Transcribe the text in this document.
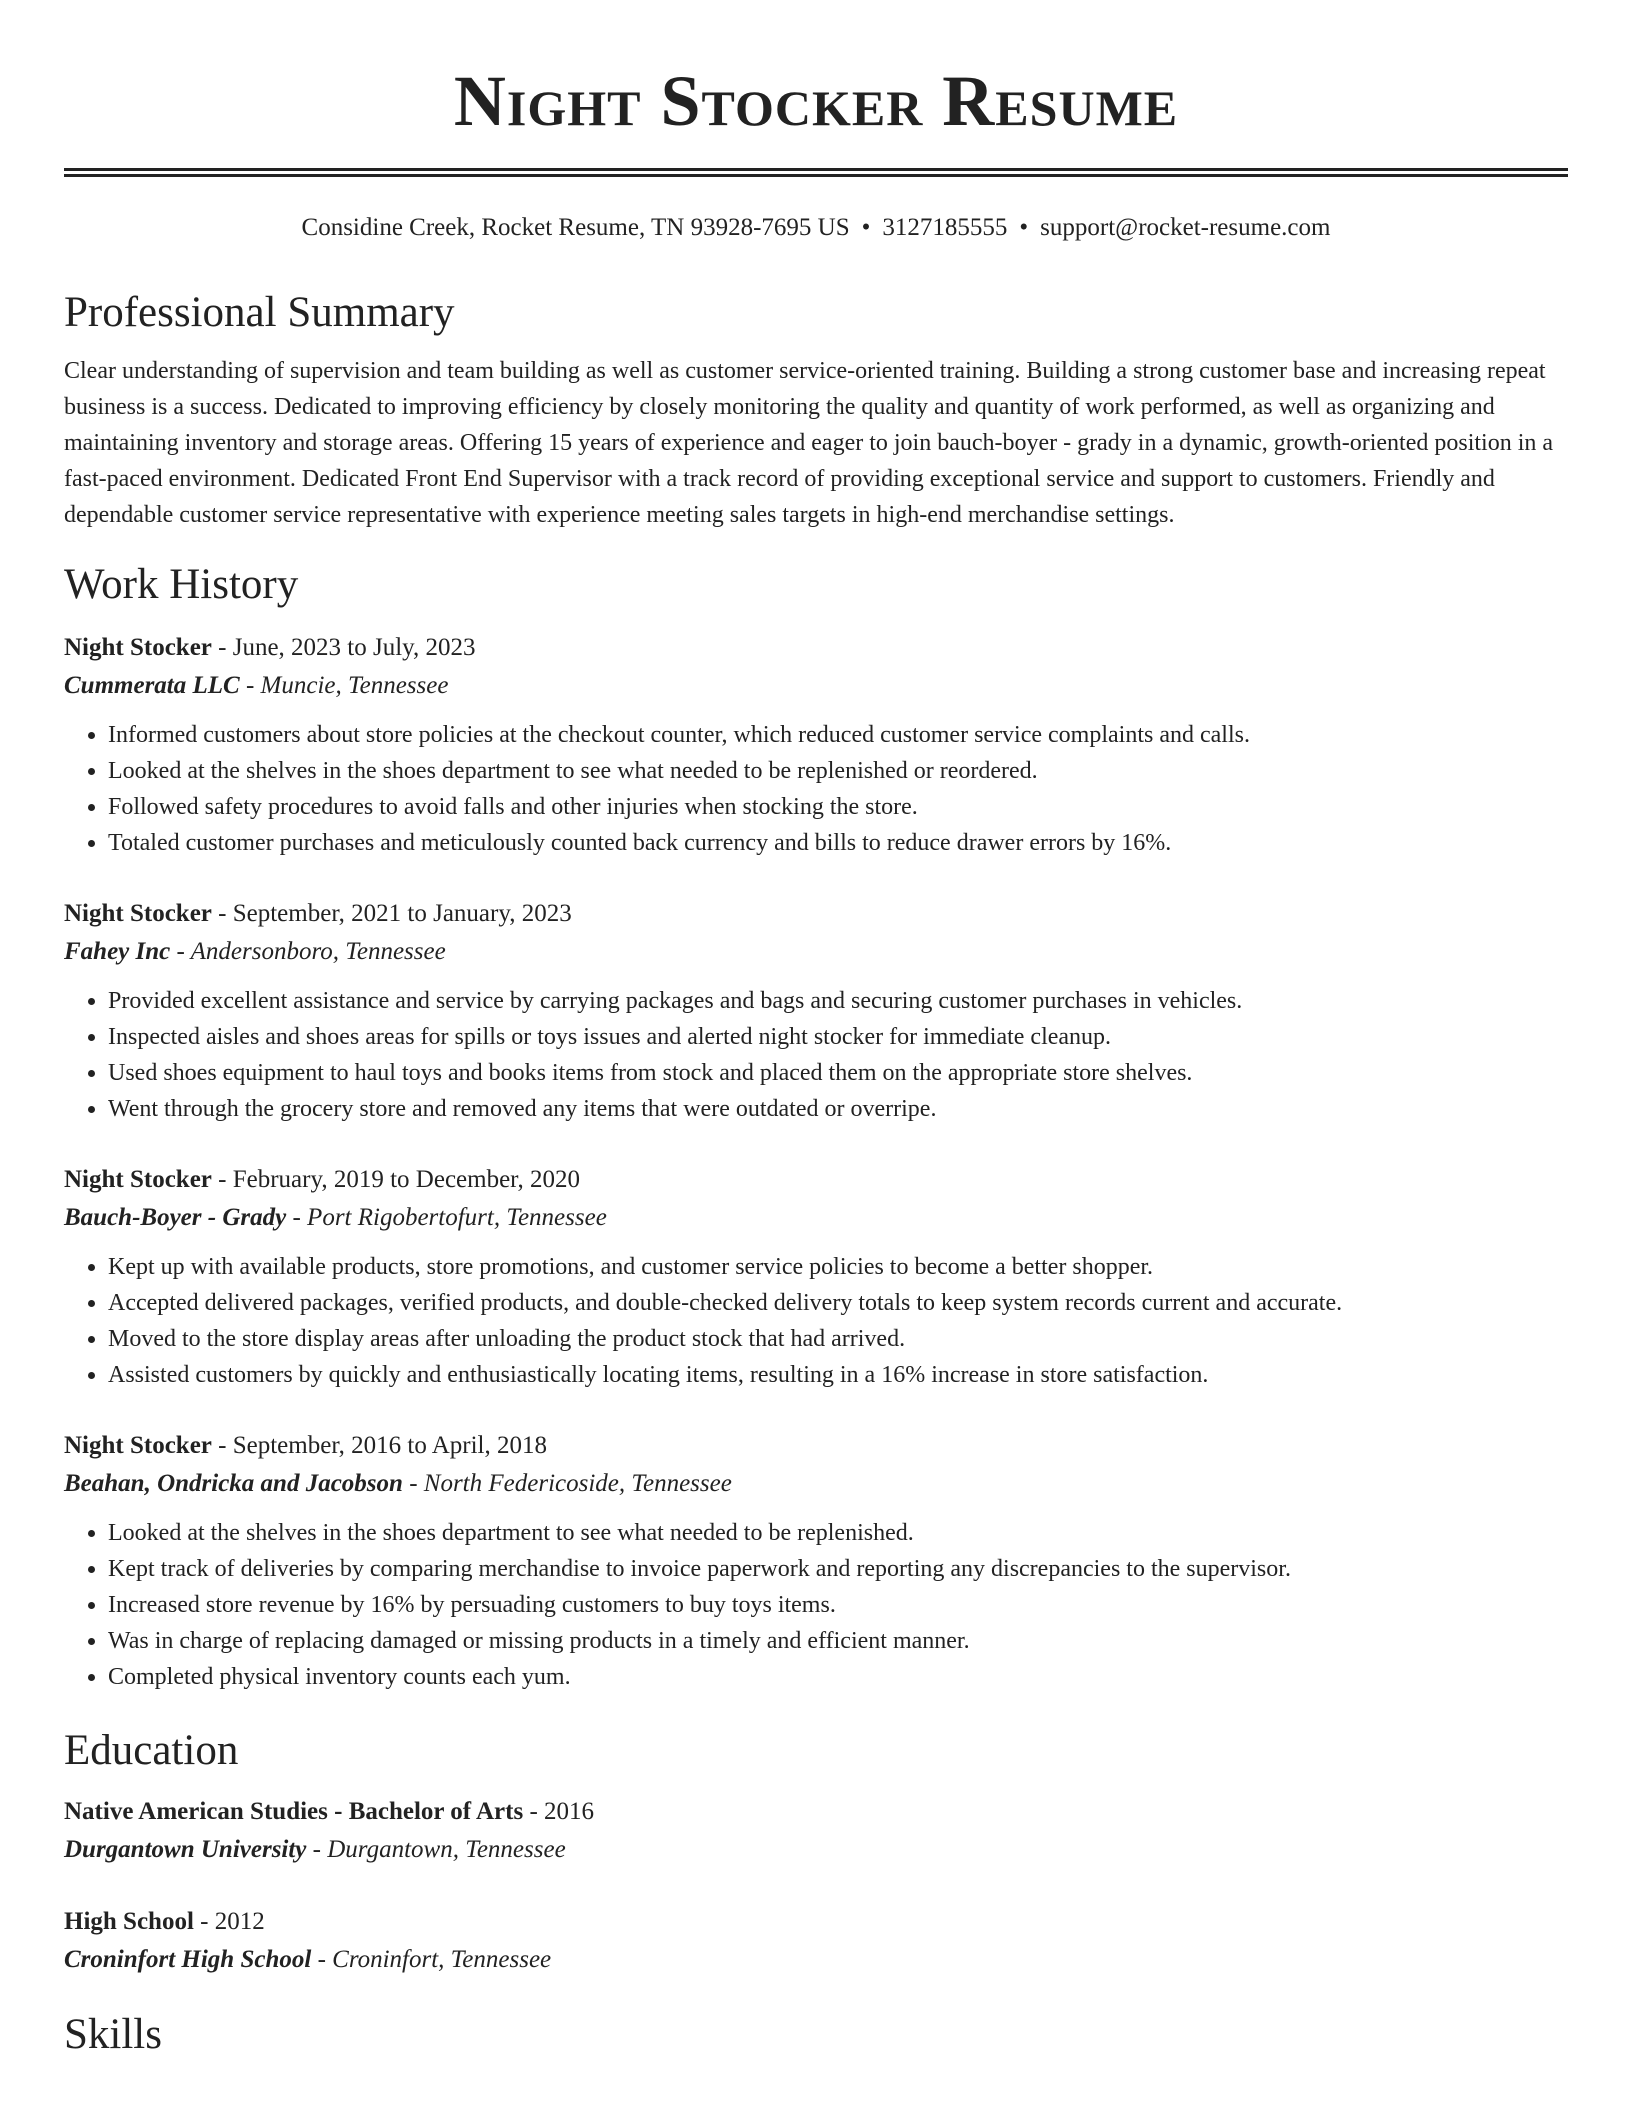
Night Stocker Resume
Considine Creek, Rocket Resume, TN 93928-7695 US • 3127185555 • support@rocket-resume.com
Professional Summary

Clear understanding of supervision and team building as well as customer service-oriented training. Building a strong customer base and increasing repeat business is a success. Dedicated to improving efficiency by closely monitoring the quality and quantity of work performed, as well as organizing and maintaining inventory and storage areas. Offering 15 years of experience and eager to join bauch-boyer - grady in a dynamic, growth-oriented position in a fast-paced environment. Dedicated Front End Supervisor with a track record of providing exceptional service and support to customers. Friendly and dependable customer service representative with experience meeting sales targets in high-end merchandise settings.

Work History
Night Stocker - June, 2023 to July, 2023
Cummerata LLC - Muncie, Tennessee
• Informed customers about store policies at the checkout counter, which reduced customer service complaints and calls.
• Looked at the shelves in the shoes department to see what needed to be replenished or reordered.
• Followed safety procedures to avoid falls and other injuries when stocking the store.
• Totaled customer purchases and meticulously counted back currency and bills to reduce drawer errors by 16%.
Night Stocker - September, 2021 to January, 2023
Fahey Inc - Andersonboro, Tennessee
• Provided excellent assistance and service by carrying packages and bags and securing customer purchases in vehicles.
• Inspected aisles and shoes areas for spills or toys issues and alerted night stocker for immediate cleanup.
• Used shoes equipment to haul toys and books items from stock and placed them on the appropriate store shelves.
• Went through the grocery store and removed any items that were outdated or overripe.
Night Stocker - February, 2019 to December, 2020
Bauch-Boyer - Grady - Port Rigobertofurt, Tennessee
• Kept up with available products, store promotions, and customer service policies to become a better shopper.
• Accepted delivered packages, verified products, and double-checked delivery totals to keep system records current and accurate.
• Moved to the store display areas after unloading the product stock that had arrived.
• Assisted customers by quickly and enthusiastically locating items, resulting in a 16% increase in store satisfaction.
Night Stocker - September, 2016 to April, 2018
Beahan, Ondricka and Jacobson - North Federicoside, Tennessee
• Looked at the shelves in the shoes department to see what needed to be replenished.
• Kept track of deliveries by comparing merchandise to invoice paperwork and reporting any discrepancies to the supervisor.
• Increased store revenue by 16% by persuading customers to buy toys items.
• Was in charge of replacing damaged or missing products in a timely and efficient manner.
• Completed physical inventory counts each yum.
Education
Native American Studies - Bachelor of Arts - 2016
Durgantown University - Durgantown, Tennessee
High School - 2012
Croninfort High School - Croninfort, Tennessee
Skills
